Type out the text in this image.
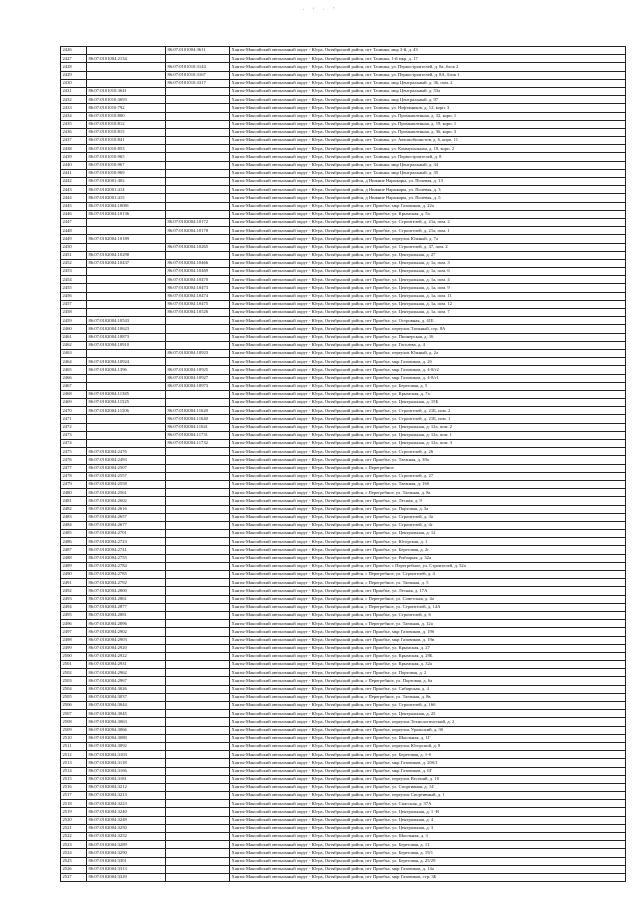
· ‘ · ’
2426		86:07:0101004:3611	Ханты-Мансийский автономный округ - Югра, Октябрьский район, пгт Талинка, мкр 3-й, д. 43
2427	86:07:0101004:2134		Ханты-Мансийский автономный округ - Югра, Октябрьский район, пгт Талинка, 1-й мкр, д. 17
2428		86:07:0101010:3144	Ханты-Мансийский автономный округ - Югра, Октябрьский район, пгт Талинка, ул. Первостроителей, д. 8а, блок 2
2429		86:07:0101010:3167	Ханты-Мансийский автономный округ - Югра, Октябрьский район, пгт Талинка, ул. Первостроителей, д. 8А, блок 1
2430		86:07:0101010:3317	Ханты-Мансийский автономный округ - Югра, Октябрьский район, пгт Талинка, мкр Центральный, д. 36, пом. 2
2431	86:07:0101010:3641		Ханты-Мансийский автономный округ - Югра, Октябрьский район, пгт Талинка, мкр Центральный, д. 53а
2432	86:07:0101010:3693		Ханты-Мансийский автономный округ - Югра, Октябрьский район, пгт Талинка, мкр Центральный, д. 97
2433	86:07:0101010:792		Ханты-Мансийский автономный округ - Югра, Октябрьский район, пгт Талинка, ул. Нефтяников, д. 12, корп. 3
2434	86:07:0101010:800		Ханты-Мансийский автономный округ - Югра, Октябрьский район, пгт Талинка, ул. Промышленная, д. 32, корп. 1
2435	86:07:0101010:812		Ханты-Мансийский автономный округ - Югра, Октябрьский район, пгт Талинка, ул. Промышленная, д. 19, корп. 1
2436	86:07:0101010:815		Ханты-Мансийский автономный округ - Югра, Октябрьский район, пгт Талинка, ул. Промышленная, д. 36, корп. 3
2437	86:07:0101010:841		Ханты-Мансийский автономный округ - Югра, Октябрьский район, пгт Талинка, ул. Автомобилистов, д. 6, корп. 11
2438	86:07:0101010:853		Ханты-Мансийский автономный округ - Югра, Октябрьский район, пгт Талинка, ул. Коммунальная, д. 19, корп. 2
2439	86:07:0101010:965		Ханты-Мансийский автономный округ - Югра, Октябрьский район, пгт Талинка, ул. Первостроителей, д. 8
2440	86:07:0101010:967		Ханты-Мансийский автономный округ - Югра, Октябрьский район, пгт Талинка, мкр Центральный, д. 34
2441	86:07:0101010:969		Ханты-Мансийский автономный округ - Югра, Октябрьский район, пгт Талинка, мкр Центральный, д. 35
2442	86:07:0102001:402		Ханты-Мансийский автономный округ - Югра, Октябрьский район, д Нижние Нарыкары, ул. Полевая, д. 13
2443	86:07:0102001:414		Ханты-Мансийский автономный округ - Югра, Октябрьский район, д Нижние Нарыкары, ул. Полевая, д. 3
2444	86:07:0102001:415		Ханты-Мансийский автономный округ - Югра, Октябрьский район, д Нижние Нарыкары, ул. Полевая, д. 5
2445	86:07:0102004:10081		Ханты-Мансийский автономный округ - Югра, Октябрьский район, пгт Приобье, мкр Газовиков, д. 22а
2446	86:07:0102004:10136		Ханты-Мансийский автономный округ - Югра, Октябрьский район, пгт Приобье, ул. Крымская, д. 5а
2447		86:07:0102004:10172	Ханты-Мансийский автономный округ - Югра, Октябрьский район, пгт Приобье, ул. Строителей, д. 21а, пом. 2
2448		86:07:0102004:10178	Ханты-Мансийский автономный округ - Югра, Октябрьский район, пгт Приобье, ул. Строителей, д. 21а, пом. 1
2449	86:07:0102004:10189		Ханты-Мансийский автономный округ - Югра, Октябрьский район, пгт Приобье, переулок Южный, д. 7а
2450		86:07:0102004:10265	Ханты-Мансийский автономный округ - Югра, Октябрьский район, пгт Приобье, ул. Строителей, д. 47, пом. 2
2451	86:07:0102004:10298		Ханты-Мансийский автономный округ - Югра, Октябрьский район, пгт Приобье, ул. Центральная, д. 27
2452	86:07:0102004:10437	86:07:0102004:10466	Ханты-Мансийский автономный округ - Югра, Октябрьский район, пгт Приобье, ул. Центральная, д. 1а, пом. 3
2453		86:07:0102004:10469	Ханты-Мансийский автономный округ - Югра, Октябрьский район, пгт Приобье, ул. Центральная, д. 1а, пом. 6
2454		86:07:0102004:10470	Ханты-Мансийский автономный округ - Югра, Октябрьский район, пгт Приобье, ул. Центральная, д. 1а, пом. 4
2455		86:07:0102004:10473	Ханты-Мансийский автономный округ - Югра, Октябрьский район, пгт Приобье, ул. Центральная, д. 1а, пом. 9
2456		86:07:0102004:10474	Ханты-Мансийский автономный округ - Югра, Октябрьский район, пгт Приобье, ул. Центральная, д. 1а, пом. 11
2457		86:07:0102004:10475	Ханты-Мансийский автономный округ - Югра, Октябрьский район, пгт Приобье, ул. Центральная, д. 1а, пом. 12
2458		86:07:0102004:10526	Ханты-Мансийский автономный округ - Югра, Октябрьский район, пгт Приобье, ул. Центральная, д. 1а, пом. 7
2459	86:07:0102004:10543		Ханты-Мансийский автономный округ - Югра, Октябрьский район, пгт Приобье, ул. Островная, д. 41Б
2460	86:07:0102004:10623		Ханты-Мансийский автономный округ - Югра, Октябрьский район, пгт Приобье, переулок Таежный, стр. 8А
2461	86:07:0102004:10873		Ханты-Мансийский автономный округ - Югра, Октябрьский район, пгт Приобье, ул. Пионерская, д. 16
2462	86:07:0102004:10910		Ханты-Мансийский автономный округ - Югра, Октябрьский район, пгт Приобье, ул. Гоголева, д. 4
2463		86:07:0102004:10923	Ханты-Мансийский автономный округ - Югра, Октябрьский район, пгт Приобье, переулок Южный, д. 2а
2464	86:07:0102004:10924		Ханты-Мансийский автономный округ - Югра, Октябрьский район, пгт Приобье, мкр Газовиков, д. 2б
2465	86:07:0102004:1396	86:07:0102004:10925	Ханты-Мансийский автономный округ - Югра, Октябрьский район, пгт Приобье, мкр Газовиков, д. 4-8/г2
2466		86:07:0102004:10927	Ханты-Мансийский автономный округ - Югра, Октябрьский район, пгт Приобье, мкр Газовиков, д. 4-8/г1
2467		86:07:0102004:10973	Ханты-Мансийский автономный округ - Югра, Октябрьский район, пгт Приобье, ул. Береговая, д. 5
2468	86:07:0102004:11385		Ханты-Мансийский автономный округ - Югра, Октябрьский район, пгт Приобье, ул. Крымская, д. 7а
2469	86:07:0102004:11525		Ханты-Мансийский автономный округ - Югра, Октябрьский район, пгт Приобье, ул. Центральная, д. 15Б
2470	86:07:0102004:11506	86:07:0102004:11620	Ханты-Мансийский автономный округ - Югра, Октябрьский район, пгт Приобье, ул. Строителей, д. 21Б, пом. 2
2471		86:07:0102004:11640	Ханты-Мансийский автономный округ - Югра, Октябрьский район, пгт Приобье, ул. Строителей, д. 21Б, пом. 1
2472		86:07:0102004:11641	Ханты-Мансийский автономный округ - Югра, Октябрьский район, пгт Приобье, ул. Центральная, д. 12а, пом. 2
2473		86:07:0102004:11731	Ханты-Мансийский автономный округ - Югра, Октябрьский район, пгт Приобье, ул. Центральная, д. 12а, пом. 1
2474		86:07:0102004:11732	Ханты-Мансийский автономный округ - Югра, Октябрьский район, пгт Приобье, ул. Центральная, д. 12а, пом. 3
2475	86:07:0102004:2476		Ханты-Мансийский автономный округ - Югра, Октябрьский район, пгт Приобье, ул. Строителей, д. 26
2476	86:07:0102004:2493		Ханты-Мансийский автономный округ - Югра, Октябрьский район, пгт Приобье, ул. Таежная, д. 39а
2477	86:07:0102004:2507		Ханты-Мансийский автономный округ - Югра, Октябрьский район, с Перегребное
2478	86:07:0102004:2557		Ханты-Мансийский автономный округ - Югра, Октябрьский район, пгт Приобье, ул. Строителей, д. 27
2479	86:07:0102004:2558		Ханты-Мансийский автономный округ - Югра, Октябрьский район, пгт Приобье, ул. Таежная, д. 16б
2480	86:07:0102004:2561		Ханты-Мансийский автономный округ - Югра, Октябрьский район, с Перегребное, ул. Таежная, д. 8а
2481	86:07:0102004:2602		Ханты-Мансийский автономный округ - Югра, Октябрьский район, пгт Приобье, ул. Лесная, д. 9
2482	86:07:0102004:2616		Ханты-Мансийский автономный округ - Югра, Октябрьский район, пгт Приобье, ул. Портовая, д. 5а
2483	86:07:0102004:2657		Ханты-Мансийский автономный округ - Югра, Октябрьский район, пгт Приобье, ул. Строителей, д. 3а
2484	86:07:0102004:2677		Ханты-Мансийский автономный округ - Югра, Октябрьский район, пгт Приобье, ул. Строителей, д. 4г
2485	86:07:0102004:2701		Ханты-Мансийский автономный округ - Югра, Октябрьский район, пгт Приобье, ул. Центральная, д. 12
2486	86:07:0102004:2723		Ханты-Мансийский автономный округ - Югра, Октябрьский район, пгт Приобье, ул. Югорская, д. 1
2487	86:07:0102004:2741		Ханты-Мансийский автономный округ - Югра, Октябрьский район, пгт Приобье, ул. Береговая, д. 2г
2488	86:07:0102004:2755		Ханты-Мансийский автономный округ - Югра, Октябрьский район, пгт Приобье, ул. Рыбацкая, д. 32а
2489	86:07:0102004:2784		Ханты-Мансийский автономный округ - Югра, Октябрьский район, пгт Приобье, с Перегребное, ул. Строителей, д. 52а
2490	86:07:0102004:2785		Ханты-Мансийский автономный округ - Югра, Октябрьский район, с Перегребное, ул. Строителей, д. 4
2491	86:07:0102004:2792		Ханты-Мансийский автономный округ - Югра, Октябрьский район, с Перегребное, ул. Таежная, д. 5
2492	86:07:0102004:2800		Ханты-Мансийский автономный округ - Югра, Октябрьский район, пгт Приобье, ул. Лесная, д. 17А
2493	86:07:0102004:2861		Ханты-Мансийский автономный округ - Югра, Октябрьский район, с Перегребное, ул. Советская, д. 4а
2494	86:07:0102004:2877		Ханты-Мансийский автономный округ - Югра, Октябрьский район, с Перегребное, ул. Строителей, д. 14А
2495	86:07:0102004:2881		Ханты-Мансийский автономный округ - Югра, Октябрьский район, пгт Приобье, ул. Строителей, д. 6
2496	86:07:0102004:2896		Ханты-Мансийский автономный округ - Югра, Октябрьский район, с Перегребное, ул. Таежная, д. 12а
2497	86:07:0102004:2902		Ханты-Мансийский автономный округ - Югра, Октябрьский район, пгт Приобье, мкр Газовиков, д. 19б
2498	86:07:0102004:2903		Ханты-Мансийский автономный округ - Югра, Октябрьский район, пгт Приобье, мкр Газовиков, д. 19в
2499	86:07:0102004:2920		Ханты-Мансийский автономный округ - Югра, Октябрьский район, пгт Приобье, ул. Крымская, д. 27
2500	86:07:0102004:2922		Ханты-Мансийский автономный округ - Югра, Октябрьский район, пгт Приобье, ул. Крымская, д. 29Б
2501	86:07:0102004:2931		Ханты-Мансийский автономный округ - Югра, Октябрьский район, пгт Приобье, ул. Крымская, д. 32а
2502	86:07:0102004:2962		Ханты-Мансийский автономный округ - Югра, Октябрьский район, пгт Приобье, ул. Портовая, д. 2
2503	86:07:0102004:2967		Ханты-Мансийский автономный округ - Югра, Октябрьский район, с Перегребное, ул. Портовая, д. 6а
2504	86:07:0102004:3026		Ханты-Мансийский автономный округ - Югра, Октябрьский район, пгт Приобье, ул. Сибирская, д. 4
2505	86:07:0102004:3037		Ханты-Мансийский автономный округ - Югра, Октябрьский район, с Перегребное, ул. Таежная, д. 8в
2506	86:07:0102004:3044		Ханты-Мансийский автономный округ - Югра, Октябрьский район, пгт Приобье, ул. Строителей, д. 16б
2507	86:07:0102004:3045		Ханты-Мансийский автономный округ - Югра, Октябрьский район, пгт Приобье, ул. Центральная, д. 25
2508	86:07:0102004:3063		Ханты-Мансийский автономный округ - Югра, Октябрьский район, пгт Приобье, переулок Технологический, д. 2
2509	86:07:0102004:3066		Ханты-Мансийский автономный округ - Югра, Октябрьский район, пгт Приобье, переулок Уральский, д. 3б
2510	86:07:0102004:3080		Ханты-Мансийский автономный округ - Югра, Октябрьский район, пгт Приобье, ул. Школьная, д. 1Г
2511	86:07:0102004:3092		Ханты-Мансийский автономный округ - Югра, Октябрьский район, пгт Приобье, переулок Югорский, д. 8
2512	86:07:0102004:3103		Ханты-Мансийский автономный округ - Югра, Октябрьский район, пгт Приобье, ул. Береговая, д. 1-б
2513	86:07:0102004:3118		Ханты-Мансийский автономный округ - Югра, Октябрьский район, пгт Приобье, мкр Газовиков, д. 20б/1
2514	86:07:0102004:3166		Ханты-Мансийский автономный округ - Югра, Октябрьский район, пгт Приобье, мкр Газовиков, д. 6Г
2515	86:07:0102004:3181		Ханты-Мансийский автономный округ - Югра, Октябрьский район, пгт Приобье, переулок Весений, д. 10
2516	86:07:0102004:3212		Ханты-Мансийский автономный округ - Югра, Октябрьский район, пгт Приобье, ул. Спортивная, д. 14
2517	86:07:0102004:3213		Ханты-Мансийский автономный округ - Югра, Октябрьский район, пгт Приобье, переулок Спортивный, д. 1
2518	86:07:0102004:3223		Ханты-Мансийский автономный округ - Югра, Октябрьский район, пгт Приобье, ул. Спасская, д. 37А
2519	86:07:0102004:3240		Ханты-Мансийский автономный округ - Югра, Октябрьский район, пгт Приобье, ул. Центральная, д. 1 -В
2520	86:07:0102004:3249		Ханты-Мансийский автономный округ - Югра, Октябрьский район, пгт Приобье, ул. Центральная, д. 4
2521	86:07:0102004:3250		Ханты-Мансийский автономный округ - Югра, Октябрьский район, пгт Приобье, ул. Центральная, д. 3
2522	86:07:0102004:3252		Ханты-Мансийский автономный округ - Югра, Октябрьский район, пгт Приобье, ул. Школьная, д. 3
2523	86:07:0102004:3289		Ханты-Мансийский автономный округ - Югра, Октябрьский район, пгт Приобье, ул. Береговая, д. 11
2524	86:07:0102004:3290		Ханты-Мансийский автономный округ - Югра, Октябрьский район, пгт Приобье, ул. Береговая, д. 19/1
2525	86:07:0102004:3301		Ханты-Мансийский автономный округ - Югра, Октябрьский район, пгт Приобье, ул. Береговая, д. 25/29
2526	86:07:0102004:3313		Ханты-Мансийский автономный округ - Югра, Октябрьский район, пгт Приобье, мкр Газовиков, д. 14а
2527	86:07:0102004:3329		Ханты-Мансийский автономный округ - Югра, Октябрьский район, пгт Приобье, мкр Газовиков, стр. 3Б
